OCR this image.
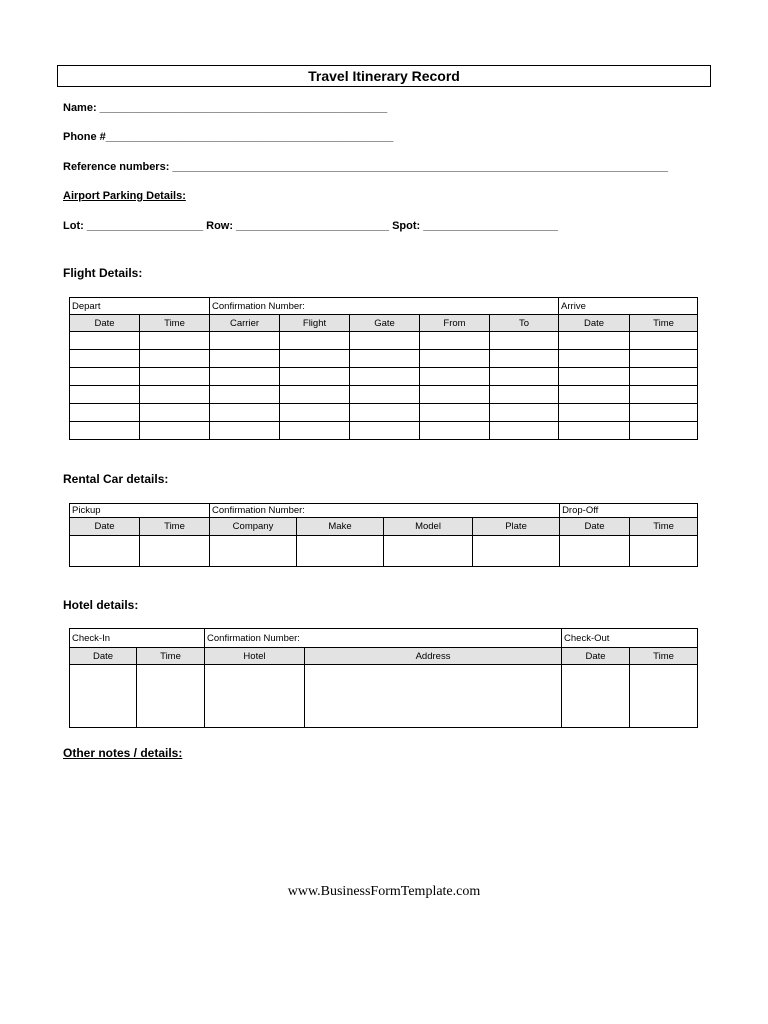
Travel Itinerary Record
Name: _______________________________________________
Phone #_______________________________________________
Reference numbers: _________________________________________________________________________________
Airport Parking Details:
Lot: ___________________ Row: _________________________ Spot: ______________________
Flight Details:
Depart		Confirmation Number:					Arrive	
Date	Time	Carrier	Flight	Gate	From	To	Date	Time

Rental Car details:
Pickup		Confirmation Number:				Drop-Off	
Date	Time	Company	Make	Model	Plate	Date	Time

Hotel details:
Check-In		Confirmation Number:		Check-Out	
Date	Time	Hotel	Address	Date	Time

Other notes / details:
www.BusinessFormTemplate.com
